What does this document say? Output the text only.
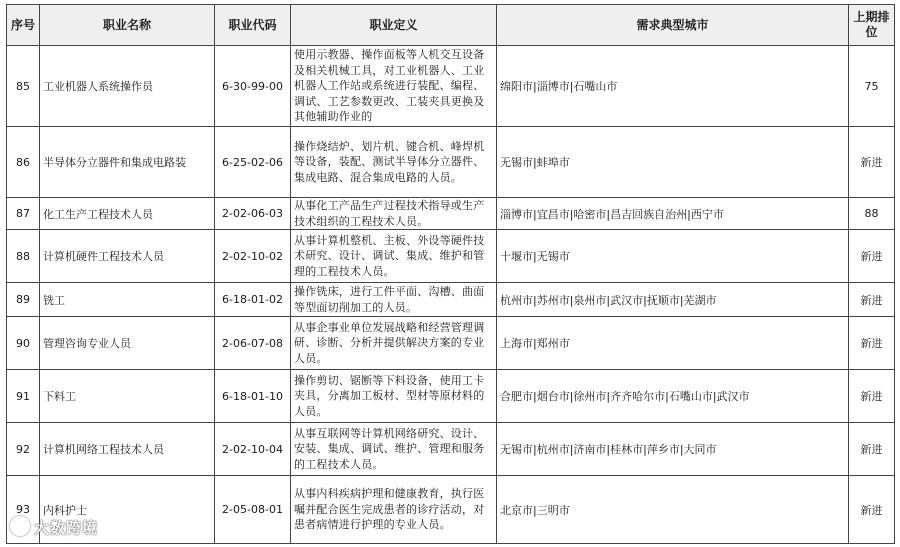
序号	职业名称	职业代码	职业定义	需求典型城市	上期排位
85	工业机器人系统操作员	6-30-99-00	使用示教器、操作面板等人机交互设备及相关机械工具，对工业机器人、工业机器人工作站或系统进行装配、编程、调试、工艺参数更改、工装夹具更换及其他辅助作业的	绵阳市|淄博市|石嘴山市	75
86	半导体分立器件和集成电路装	6-25-02-06	操作烧结炉、划片机、键合机、峰焊机等设备，装配、测试半导体分立器件、集成电路、混合集成电路的人员。	无锡市|蚌埠市	新进
87	化工生产工程技术人员	2-02-06-03	从事化工产品生产过程技术指导或生产技术组织的工程技术人员。	淄博市|宜昌市|哈密市|昌吉回族自治州|西宁市	88
88	计算机硬件工程技术人员	2-02-10-02	从事计算机整机、主板、外设等硬件技术研究、设计、调试、集成、维护和管理的工程技术人员。	十堰市|无锡市	新进
89	铣工	6-18-01-02	操作铣床，进行工件平面、沟槽、曲面等型面切削加工的人员。	杭州市|苏州市|泉州市|武汉市|抚顺市|芜湖市	新进
90	管理咨询专业人员	2-06-07-08	从事企事业单位发展战略和经营管理调研、诊断、分析并提供解决方案的专业人员。	上海市|郑州市	新进
91	下料工	6-18-01-10	操作剪切、锯断等下料设备，使用工卡夹具，分离加工板材、型材等原材料的人员。	合肥市|烟台市|徐州市|齐齐哈尔市|石嘴山市|武汉市	新进
92	计算机网络工程技术人员	2-02-10-04	从事互联网等计算机网络研究、设计、安装、集成、调试、维护、管理和服务的工程技术人员。	无锡市|杭州市|济南市|桂林市|萍乡市|大同市	新进
93	内科护士	2-05-08-01	从事内科疾病护理和健康教育，执行医嘱并配合医生完成患者的诊疗活动，对患者病情进行护理的专业人员。	北京市|三明市	新进
大数跨境
